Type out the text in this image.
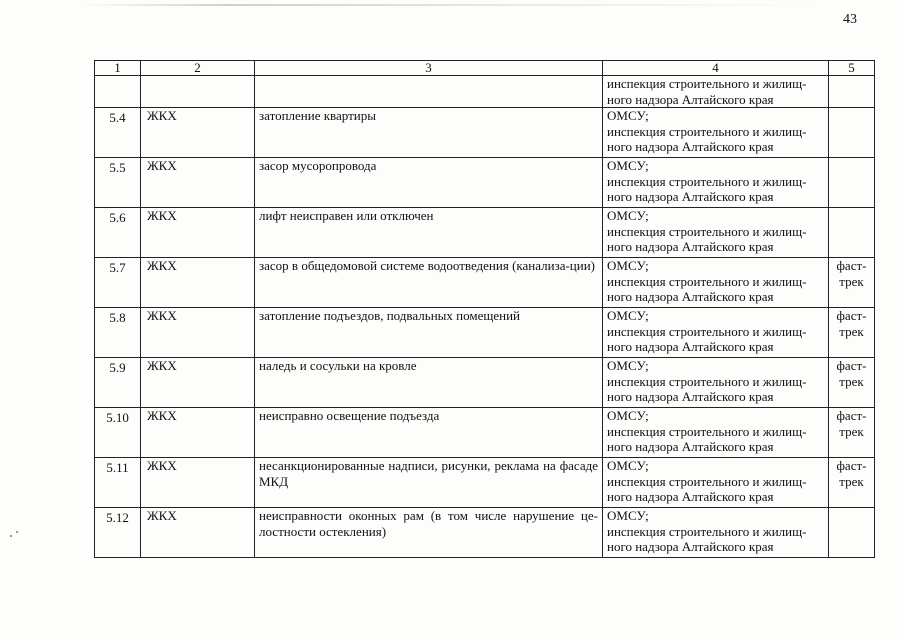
43
1	2	3	4	5

			инспекция строительного и жилищ-
ного надзора Алтайского края	

5.4	ЖКХ	затопление квартиры	ОМСУ;
инспекция строительного и жилищ-
ного надзора Алтайского края	

5.5	ЖКХ	засор мусоропровода	ОМСУ;
инспекция строительного и жилищ-
ного надзора Алтайского края	

5.6	ЖКХ	лифт неисправен или отключен	ОМСУ;
инспекция строительного и жилищ-
ного надзора Алтайского края	

5.7	ЖКХ	засор в общедомовой системе водоотведения (канализа-ции)	ОМСУ;
инспекция строительного и жилищ-
ного надзора Алтайского края	фаст-
трек

5.8	ЖКХ	затопление подъездов, подвальных помещений	ОМСУ;
инспекция строительного и жилищ-
ного надзора Алтайского края	фаст-
трек

5.9	ЖКХ	наледь и сосульки на кровле	ОМСУ;
инспекция строительного и жилищ-
ного надзора Алтайского края	фаст-
трек

5.10	ЖКХ	неисправно освещение подъезда	ОМСУ;
инспекция строительного и жилищ-
ного надзора Алтайского края	фаст-
трек

5.11	ЖКХ	несанкционированные надписи, рисунки, реклама на фасаде МКД	ОМСУ;
инспекция строительного и жилищ-
ного надзора Алтайского края	фаст-
трек

5.12	ЖКХ	неисправности оконных рам (в том числе нарушение це-лостности остекления)	ОМСУ;
инспекция строительного и жилищ-
ного надзора Алтайского края	
